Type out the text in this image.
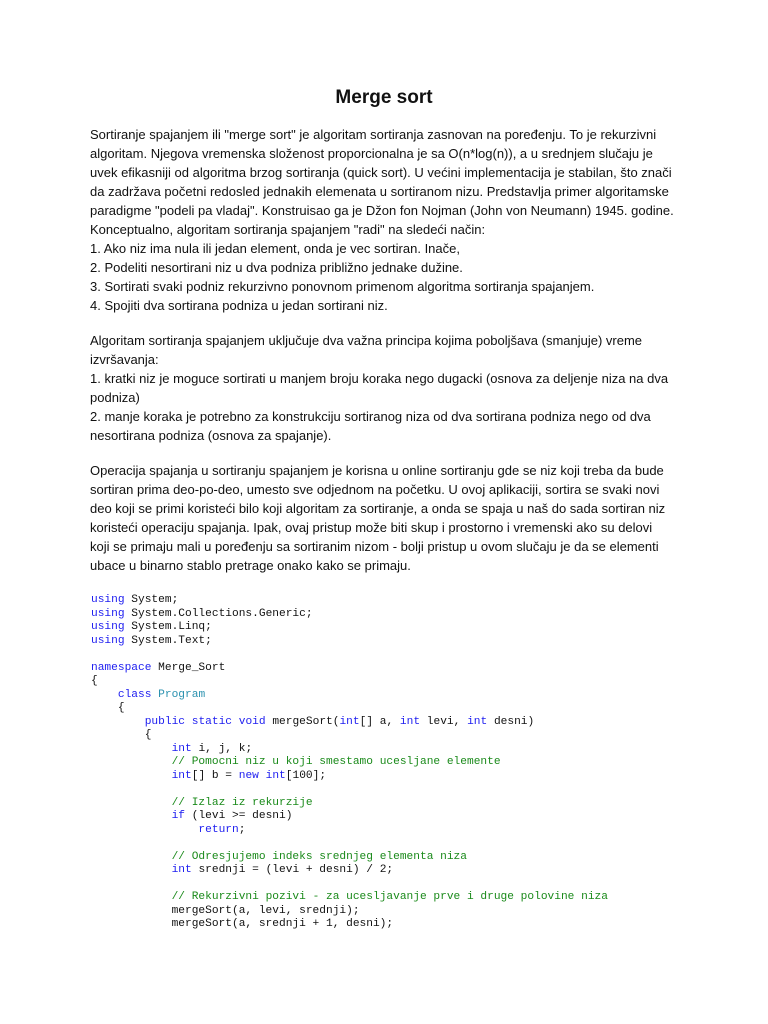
Merge sort
Sortiranje spajanjem ili "merge sort" je algoritam sortiranja zasnovan na poređenju. To je rekurzivni
algoritam. Njegova vremenska složenost proporcionalna je sa O(n*log(n)), a u srednjem slučaju je
uvek efikasniji od algoritma brzog sortiranja (quick sort). U većini implementacija je stabilan, što znači
da zadržava početni redosled jednakih elemenata u sortiranom nizu. Predstavlja primer algoritamske
paradigme "podeli pa vladaj". Konstruisao ga je Džon fon Nojman (John von Neumann) 1945. godine.
Konceptualno, algoritam sortiranja spajanjem "radi" na sledeći način:
1. Ako niz ima nula ili jedan element, onda je vec sortiran. Inače,
2. Podeliti nesortirani niz u dva podniza približno jednake dužine.
3. Sortirati svaki podniz rekurzivno ponovnom primenom algoritma sortiranja spajanjem.
4. Spojiti dva sortirana podniza u jedan sortirani niz.
Algoritam sortiranja spajanjem uključuje dva važna principa kojima poboljšava (smanjuje) vreme
izvršavanja:
1. kratki niz je moguce sortirati u manjem broju koraka nego dugacki (osnova za deljenje niza na dva
podniza)
2. manje koraka je potrebno za konstrukciju sortiranog niza od dva sortirana podniza nego od dva
nesortirana podniza (osnova za spajanje).
Operacija spajanja u sortiranju spajanjem je korisna u online sortiranju gde se niz koji treba da bude
sortiran prima deo-po-deo, umesto sve odjednom na početku. U ovoj aplikaciji, sortira se svaki novi
deo koji se primi koristeći bilo koji algoritam za sortiranje, a onda se spaja u naš do sada sortiran niz
koristeći operaciju spajanja. Ipak, ovaj pristup može biti skup i prostorno i vremenski ako su delovi
koji se primaju mali u poređenju sa sortiranim nizom - bolji pristup u ovom slučaju je da se elementi
ubace u binarno stablo pretrage onako kako se primaju.
using System;
using System.Collections.Generic;
using System.Linq;
using System.Text;

namespace Merge_Sort
{
class Program
{
public static void mergeSort(int[] a, int levi, int desni)
{
int i, j, k;
// Pomocni niz u koji smestamo ucesljane elemente
int[] b = new int[100];

// Izlaz iz rekurzije
if (levi >= desni)
return;

// Odresjujemo indeks srednjeg elementa niza
int srednji = (levi + desni) / 2;

// Rekurzivni pozivi - za ucesljavanje prve i druge polovine niza
mergeSort(a, levi, srednji);
mergeSort(a, srednji + 1, desni);
